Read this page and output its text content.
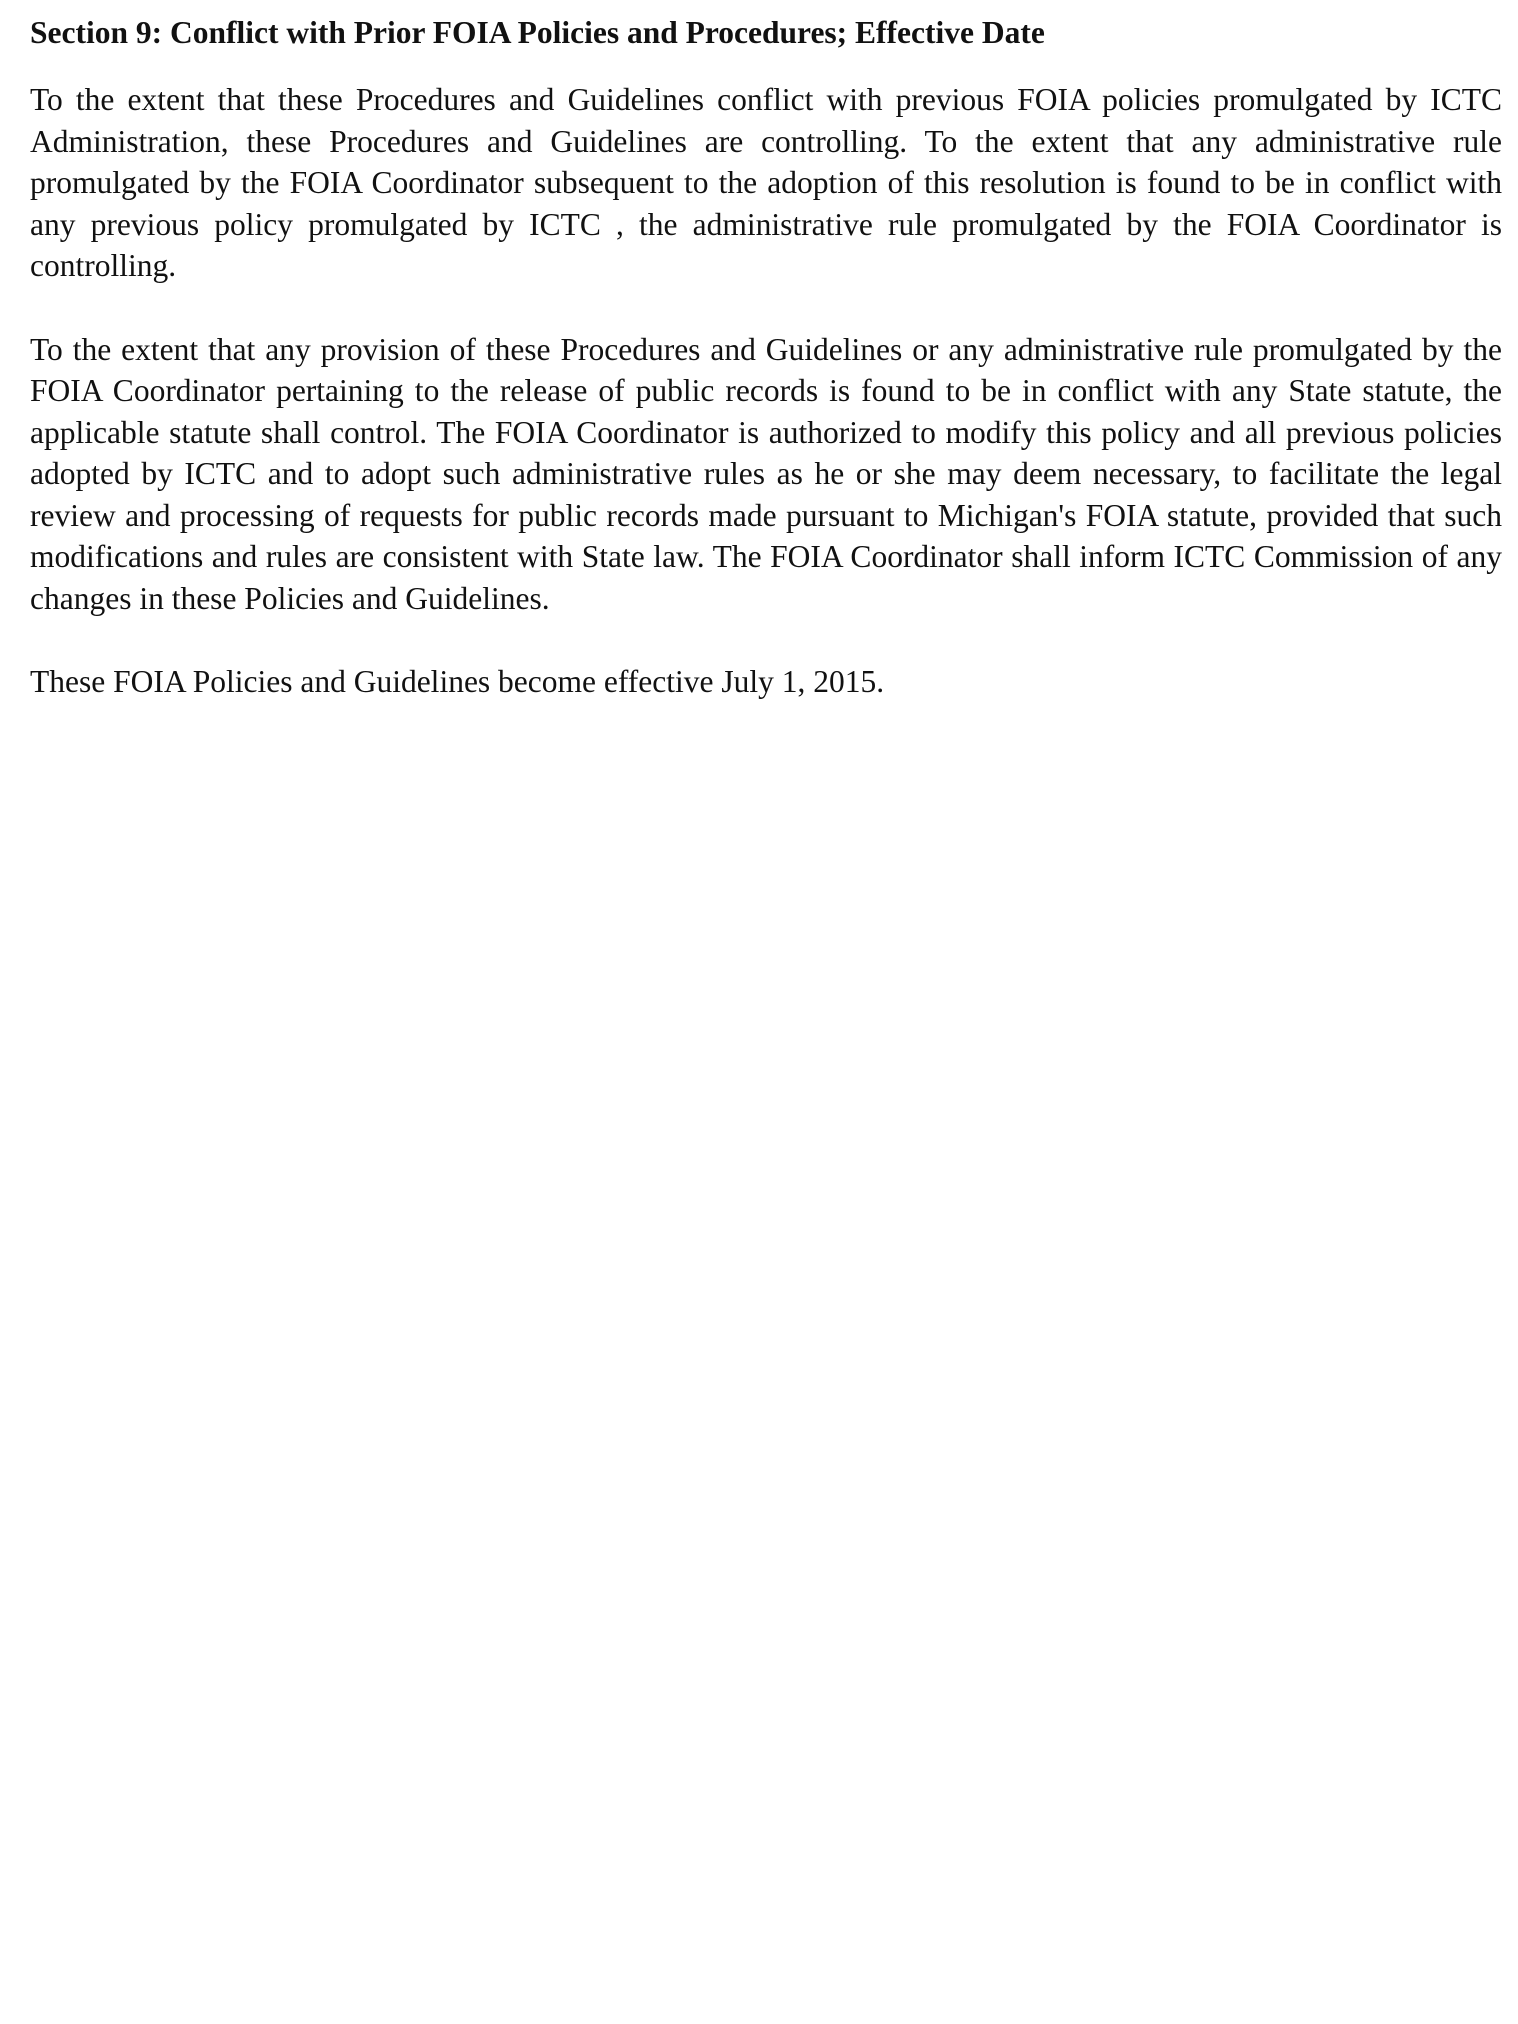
Section 9: Conflict with Prior FOIA Policies and Procedures; Effective Date

To the extent that these Procedures and Guidelines conflict with previous FOIA policies promulgated by ICTC Administration, these Procedures and Guidelines are controlling. To the extent that any administrative rule promulgated by the FOIA Coordinator subsequent to the adoption of this resolution is found to be in conflict with any previous policy promulgated by ICTC , the administrative rule promulgated by the FOIA Coordinator is controlling.

To the extent that any provision of these Procedures and Guidelines or any administrative rule promulgated by the FOIA Coordinator pertaining to the release of public records is found to be in conflict with any State statute, the applicable statute shall control. The FOIA Coordinator is authorized to modify this policy and all previous policies adopted by ICTC and to adopt such administrative rules as he or she may deem necessary, to facilitate the legal review and processing of requests for public records made pursuant to Michigan's FOIA statute, provided that such modifications and rules are consistent with State law. The FOIA Coordinator shall inform ICTC Commission of any changes in these Policies and Guidelines.

These FOIA Policies and Guidelines become effective July 1, 2015.
